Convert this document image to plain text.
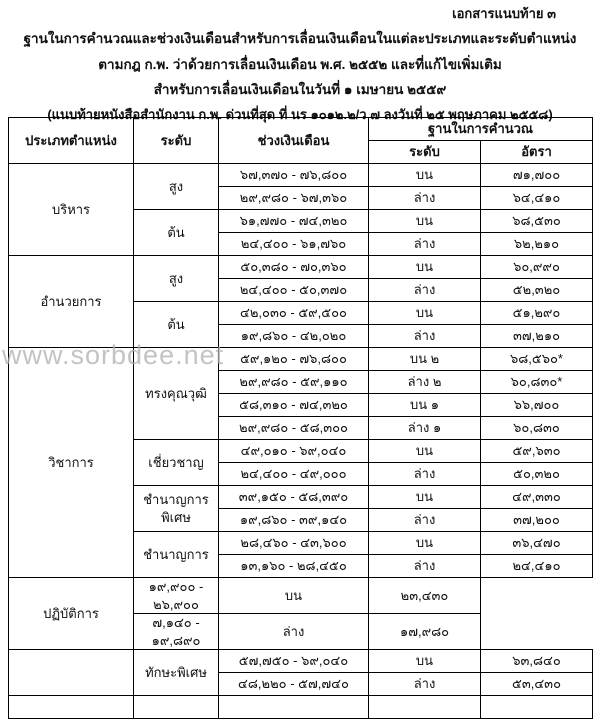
เอกสารแนบท้าย ๓
ฐานในการคำนวณและช่วงเงินเดือนสำหรับการเลื่อนเงินเดือนในแต่ละประเภทและระดับตำแหน่ง
ตามกฎ ก.พ. ว่าด้วยการเลื่อนเงินเดือน พ.ศ. ๒๕๕๒ และที่แก้ไขเพิ่มเติม
สำหรับการเลื่อนเงินเดือนในวันที่ ๑ เมษายน ๒๕๕๙
(แนบท้ายหนังสือสำนักงาน ก.พ. ด่วนที่สุด ที่ นร ๑๐๑๒.๒/ว ๗ ลงวันที่ ๒๕ พฤษภาคม ๒๕๕๘)
www.sorbdee.net
ประเภทตำแหน่ง	ระดับ	ช่วงเงินเดือน	ฐานในการคำนวณ	
			ระดับ	อัตรา
บริหาร	สูง	๖๗,๓๗๐ - ๗๖,๘๐๐	บน	๗๑,๗๐๐
		๒๙,๙๘๐ - ๖๗,๓๖๐	ล่าง	๖๔,๔๑๐
	ต้น	๖๑,๗๗๐ - ๗๔,๓๒๐	บน	๖๘,๕๓๐
		๒๔,๔๐๐ - ๖๑,๗๖๐	ล่าง	๖๒,๒๑๐
อำนวยการ	สูง	๕๐,๓๘๐ - ๗๐,๓๖๐	บน	๖๐,๙๙๐
		๒๔,๔๐๐ - ๕๐,๓๗๐	ล่าง	๕๒,๓๒๐
	ต้น	๔๒,๐๓๐ - ๕๙,๕๐๐	บน	๕๑,๒๙๐
		๑๙,๘๖๐ - ๔๒,๐๒๐	ล่าง	๓๗,๒๑๐
วิชาการ	ทรงคุณวุฒิ	๕๙,๑๒๐ - ๗๖,๘๐๐	บน ๒	๖๘,๕๖๐*
		๒๙,๙๘๐ - ๕๙,๑๑๐	ล่าง ๒	๖๐,๘๓๐*
		๕๘,๓๑๐ - ๗๔,๓๒๐	บน ๑	๖๖,๗๐๐
		๒๙,๙๘๐ - ๕๘,๓๐๐	ล่าง ๑	๖๐,๘๓๐
	เชี่ยวชาญ	๔๙,๐๑๐ - ๖๙,๐๔๐	บน	๕๙,๖๓๐
		๒๔,๔๐๐ - ๔๙,๐๐๐	ล่าง	๕๐,๓๒๐
	ชำนาญการพิเศษ	๓๙,๑๕๐ - ๕๘,๓๙๐	บน	๔๙,๓๓๐
		๑๙,๘๖๐ - ๓๙,๑๔๐	ล่าง	๓๗,๒๐๐
	ชำนาญการ	๒๘,๔๖๐ - ๔๓,๖๐๐	บน	๓๖,๔๗๐
		๑๓,๑๖๐ - ๒๘,๔๕๐	ล่าง	๒๔,๔๑๐
ปฏิบัติการ	๑๙,๙๐๐ - ๒๖,๙๐๐	บน	๒๓,๔๓๐	
	๗,๑๔๐ - ๑๙,๘๙๐	ล่าง	๑๗,๙๘๐	
	ทักษะพิเศษ	๕๗,๗๕๐ - ๖๙,๐๔๐	บน	๖๓,๘๔๐
		๔๘,๒๒๐ - ๕๗,๗๔๐	ล่าง	๕๓,๔๓๐
